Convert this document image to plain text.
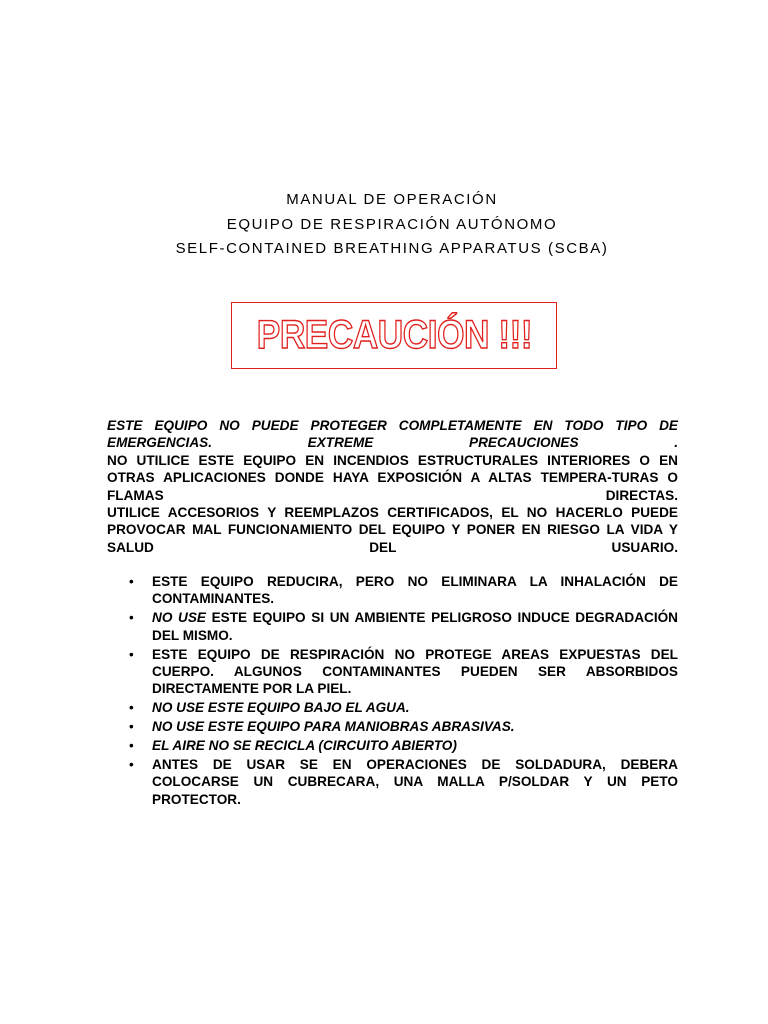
MANUAL DE OPERACIÓN
EQUIPO DE RESPIRACIÓN AUTÓNOMO
SELF-CONTAINED BREATHING APPARATUS (SCBA)
PRECAUCIÓN !!!
ESTE EQUIPO NO PUEDE PROTEGER COMPLETAMENTE EN TODO TIPO DE EMERGENCIAS. EXTREME PRECAUCIONES .
NO UTILICE ESTE EQUIPO EN INCENDIOS ESTRUCTURALES INTERIORES O EN OTRAS APLICACIONES DONDE HAYA EXPOSICIÓN A ALTAS TEMPERA-TURAS O FLAMAS DIRECTAS.
UTILICE ACCESORIOS Y REEMPLAZOS CERTIFICADOS, EL NO HACERLO PUEDE PROVOCAR MAL FUNCIONAMIENTO DEL EQUIPO Y PONER EN RIESGO LA VIDA Y SALUD DEL USUARIO.
• ESTE EQUIPO REDUCIRA, PERO NO ELIMINARA LA INHALACIÓN DE CONTAMINANTES.
• NO USE ESTE EQUIPO SI UN AMBIENTE PELIGROSO INDUCE DEGRADACIÓN DEL MISMO.
• ESTE EQUIPO DE RESPIRACIÓN NO PROTEGE AREAS EXPUESTAS DEL CUERPO. ALGUNOS CONTAMINANTES PUEDEN SER ABSORBIDOS DIRECTAMENTE POR LA PIEL.
• NO USE ESTE EQUIPO BAJO EL AGUA.
• NO USE ESTE EQUIPO PARA MANIOBRAS ABRASIVAS.
• EL AIRE NO SE RECICLA (CIRCUITO ABIERTO)
• ANTES DE USAR SE EN OPERACIONES DE SOLDADURA, DEBERA COLOCARSE UN CUBRECARA, UNA MALLA P/SOLDAR Y UN PETO PROTECTOR.
